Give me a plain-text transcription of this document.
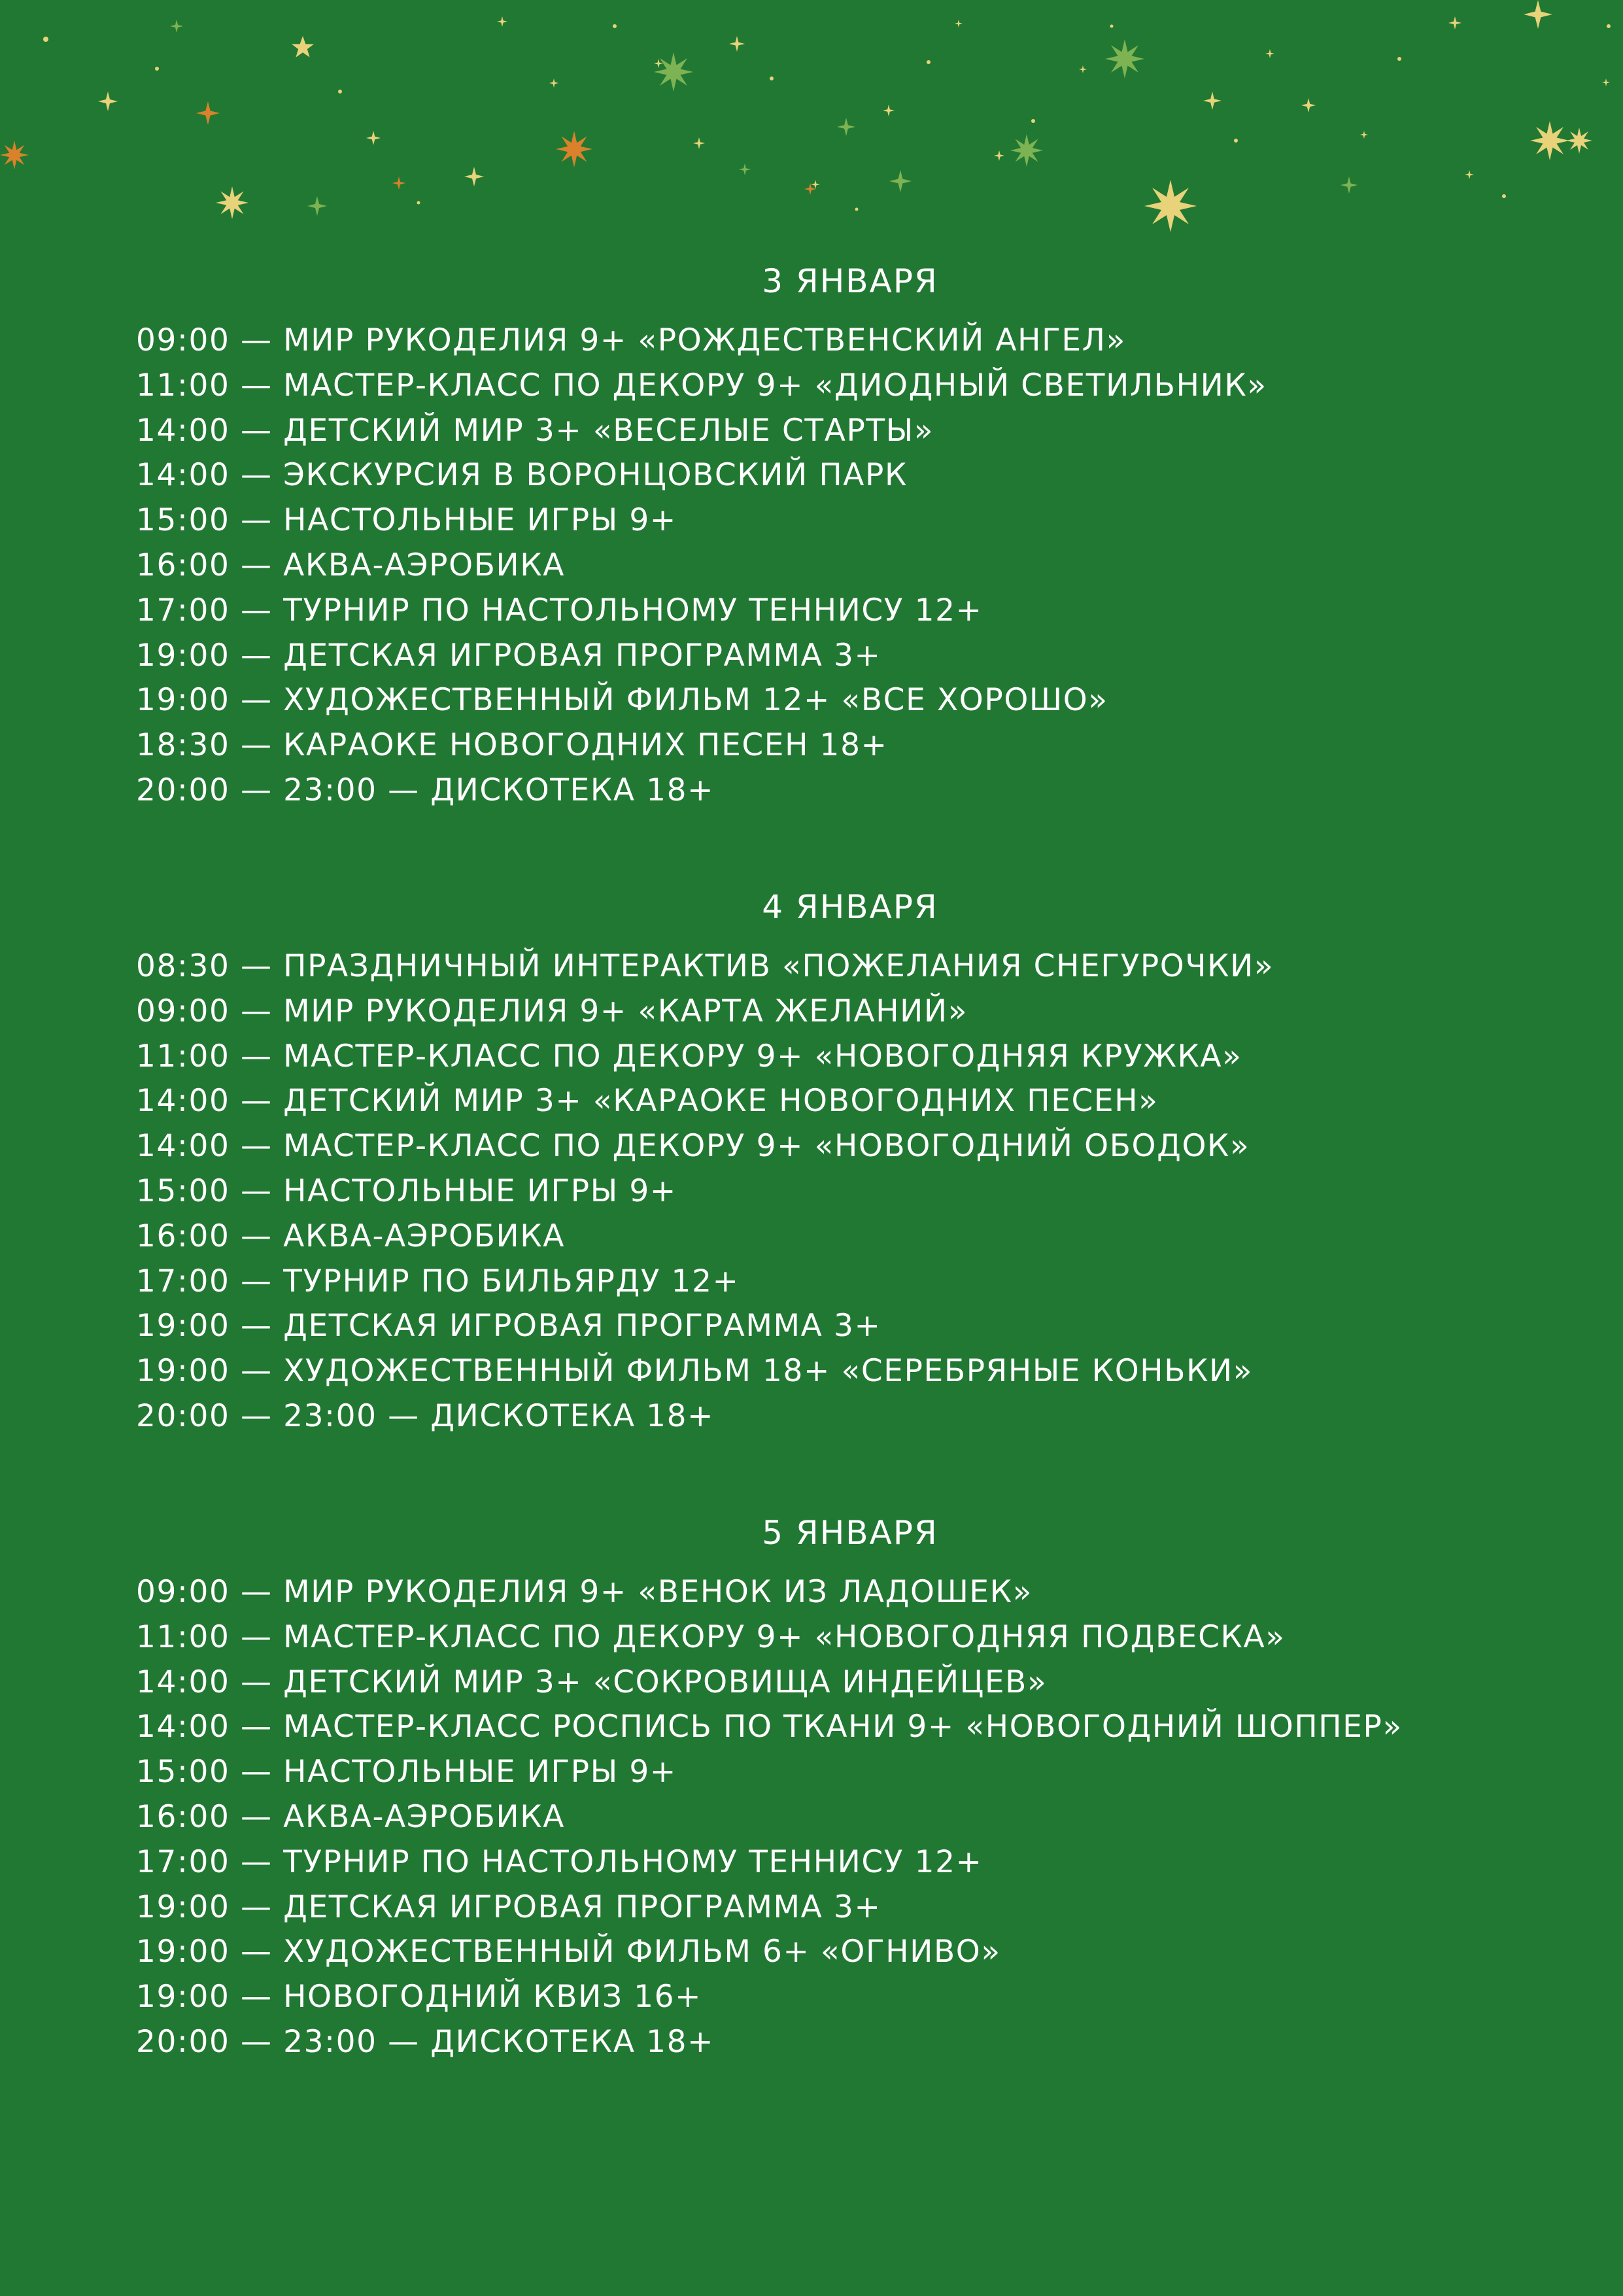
3 ЯНВАРЯ
09:00 — МИР РУКОДЕЛИЯ 9+ «РОЖДЕСТВЕНСКИЙ АНГЕЛ»
11:00 — МАСТЕР-КЛАСС ПО ДЕКОРУ 9+ «ДИОДНЫЙ СВЕТИЛЬНИК»
14:00 — ДЕТСКИЙ МИР 3+ «ВЕСЕЛЫЕ СТАРТЫ»
14:00 — ЭКСКУРСИЯ В ВОРОНЦОВСКИЙ ПАРК
15:00 — НАСТОЛЬНЫЕ ИГРЫ 9+
16:00 — АКВА-АЭРОБИКА
17:00 — ТУРНИР ПО НАСТОЛЬНОМУ ТЕННИСУ 12+
19:00 — ДЕТСКАЯ ИГРОВАЯ ПРОГРАММА 3+
19:00 — ХУДОЖЕСТВЕННЫЙ ФИЛЬМ 12+ «ВСЕ ХОРОШО»
18:30 — КАРАОКЕ НОВОГОДНИХ ПЕСЕН 18+
20:00 — 23:00 — ДИСКОТЕКА 18+
4 ЯНВАРЯ
08:30 — ПРАЗДНИЧНЫЙ ИНТЕРАКТИВ «ПОЖЕЛАНИЯ СНЕГУРОЧКИ»
09:00 — МИР РУКОДЕЛИЯ 9+ «КАРТА ЖЕЛАНИЙ»
11:00 — МАСТЕР-КЛАСС ПО ДЕКОРУ 9+ «НОВОГОДНЯЯ КРУЖКА»
14:00 — ДЕТСКИЙ МИР 3+ «КАРАОКЕ НОВОГОДНИХ ПЕСЕН»
14:00 — МАСТЕР-КЛАСС ПО ДЕКОРУ 9+ «НОВОГОДНИЙ ОБОДОК»
15:00 — НАСТОЛЬНЫЕ ИГРЫ 9+
16:00 — АКВА-АЭРОБИКА
17:00 — ТУРНИР ПО БИЛЬЯРДУ 12+
19:00 — ДЕТСКАЯ ИГРОВАЯ ПРОГРАММА 3+
19:00 — ХУДОЖЕСТВЕННЫЙ ФИЛЬМ 18+ «СЕРЕБРЯНЫЕ КОНЬКИ»
20:00 — 23:00 — ДИСКОТЕКА 18+
5 ЯНВАРЯ
09:00 — МИР РУКОДЕЛИЯ 9+ «ВЕНОК ИЗ ЛАДОШЕК»
11:00 — МАСТЕР-КЛАСС ПО ДЕКОРУ 9+ «НОВОГОДНЯЯ ПОДВЕСКА»
14:00 — ДЕТСКИЙ МИР 3+ «СОКРОВИЩА ИНДЕЙЦЕВ»
14:00 — МАСТЕР-КЛАСС РОСПИСЬ ПО ТКАНИ 9+ «НОВОГОДНИЙ ШОППЕР»
15:00 — НАСТОЛЬНЫЕ ИГРЫ 9+
16:00 — АКВА-АЭРОБИКА
17:00 — ТУРНИР ПО НАСТОЛЬНОМУ ТЕННИСУ 12+
19:00 — ДЕТСКАЯ ИГРОВАЯ ПРОГРАММА 3+
19:00 — ХУДОЖЕСТВЕННЫЙ ФИЛЬМ 6+ «ОГНИВО»
19:00 — НОВОГОДНИЙ КВИЗ 16+
20:00 — 23:00 — ДИСКОТЕКА 18+
